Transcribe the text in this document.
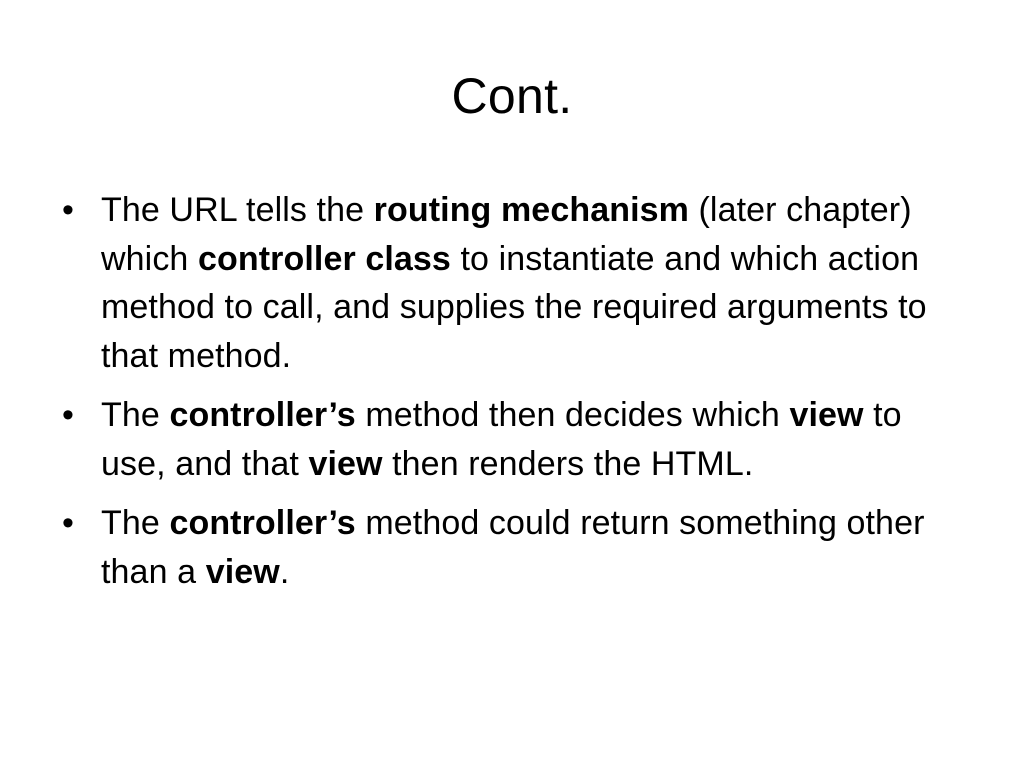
Cont.
• The URL tells the routing mechanism (later chapter) which controller class to instantiate and which action method to call, and supplies the required arguments to that method.
• The controller’s method then decides which view to use, and that view then renders the HTML.
• The controller’s method could return something other than a view.
